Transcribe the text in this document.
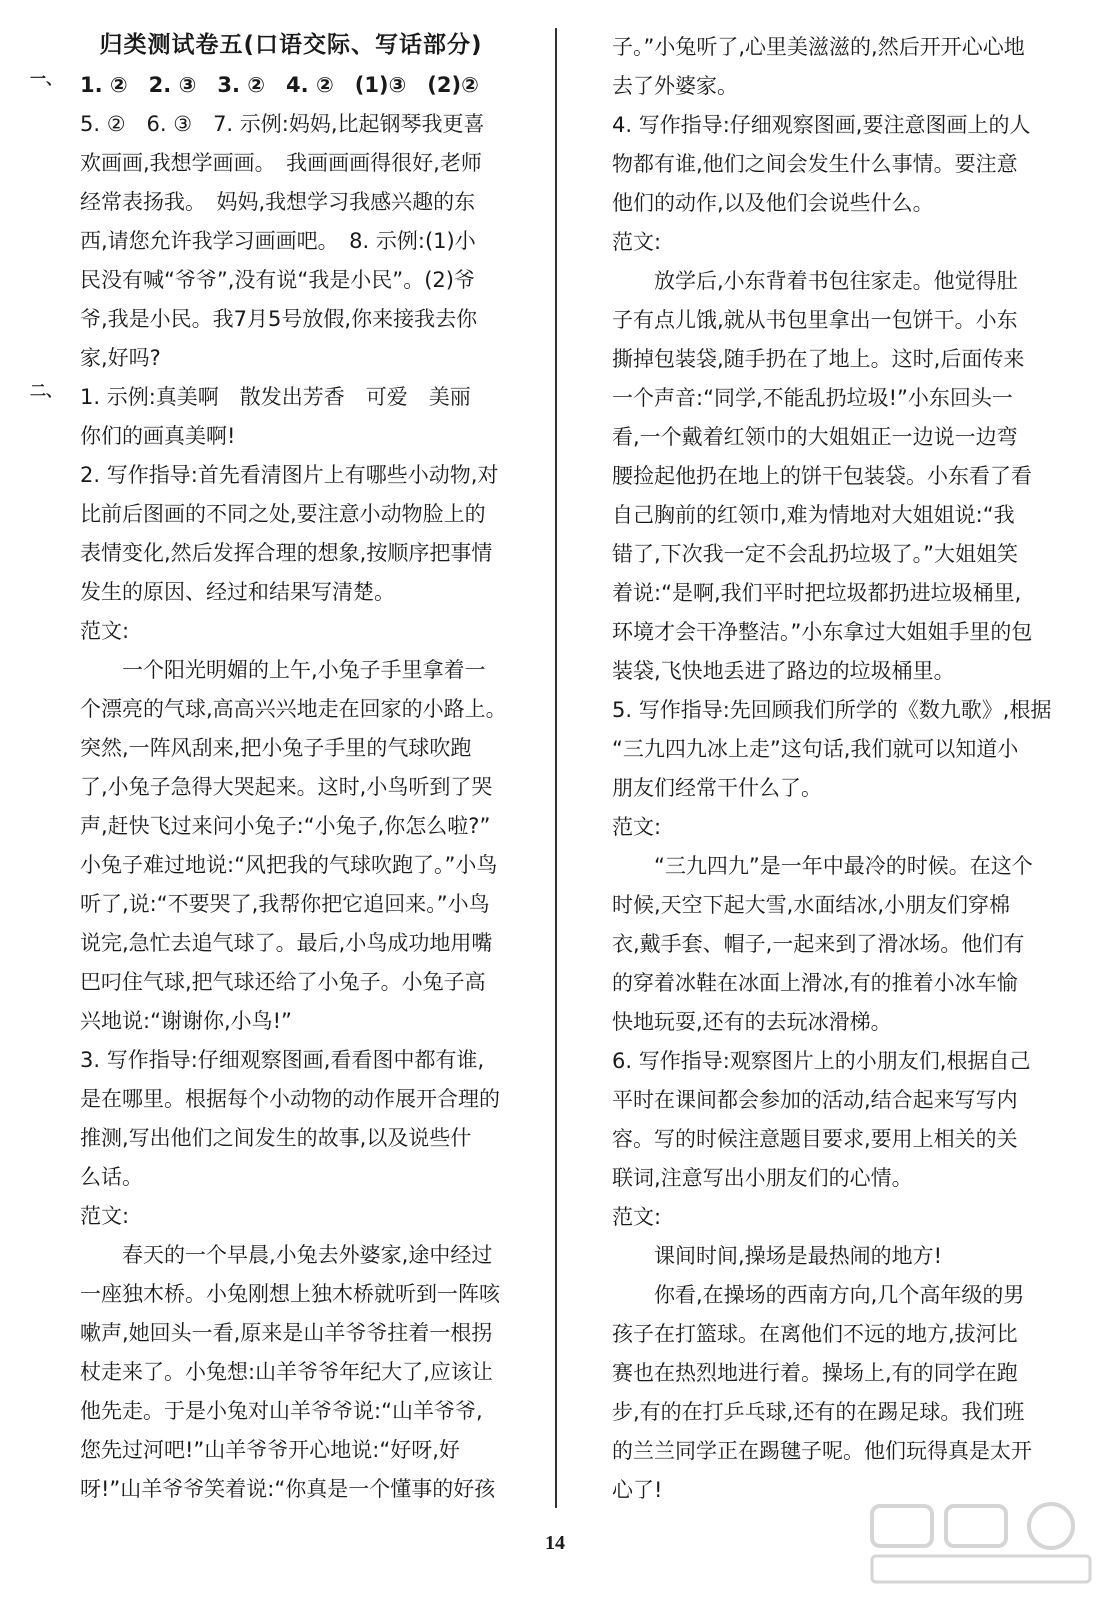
归类测试卷五(口语交际、写话部分)
一、 1. ②　2. ③　3. ②　4. ②　(1)③　(2)②

5. ②　6. ③　7. 示例:妈妈,比起钢琴我更喜

欢画画,我想学画画。　我画画画得很好,老师

经常表扬我。　妈妈,我想学习我感兴趣的东

西,请您允许我学习画画吧。　8. 示例:(1)小

民没有喊“爷爷”,没有说“我是小民”。(2)爷

爷,我是小民。我7月5号放假,你来接我去你

家,好吗?

二、 1. 示例:真美啊　散发出芳香　可爱　美丽

你们的画真美啊!

2. 写作指导:首先看清图片上有哪些小动物,对

比前后图画的不同之处,要注意小动物脸上的

表情变化,然后发挥合理的想象,按顺序把事情

发生的原因、经过和结果写清楚。

范文:

一个阳光明媚的上午,小兔子手里拿着一

个漂亮的气球,高高兴兴地走在回家的小路上。

突然,一阵风刮来,把小兔子手里的气球吹跑

了,小兔子急得大哭起来。这时,小鸟听到了哭

声,赶快飞过来问小兔子:“小兔子,你怎么啦?”

小兔子难过地说:“风把我的气球吹跑了。”小鸟

听了,说:“不要哭了,我帮你把它追回来。”小鸟

说完,急忙去追气球了。最后,小鸟成功地用嘴

巴叼住气球,把气球还给了小兔子。小兔子高

兴地说:“谢谢你,小鸟!”

3. 写作指导:仔细观察图画,看看图中都有谁,

是在哪里。根据每个小动物的动作展开合理的

推测,写出他们之间发生的故事,以及说些什

么话。

范文:

春天的一个早晨,小兔去外婆家,途中经过

一座独木桥。小兔刚想上独木桥就听到一阵咳

嗽声,她回头一看,原来是山羊爷爷拄着一根拐

杖走来了。小兔想:山羊爷爷年纪大了,应该让

他先走。于是小兔对山羊爷爷说:“山羊爷爷,

您先过河吧!”山羊爷爷开心地说:“好呀,好

呀!”山羊爷爷笑着说:“你真是一个懂事的好孩

子。”小兔听了,心里美滋滋的,然后开开心心地

去了外婆家。

4. 写作指导:仔细观察图画,要注意图画上的人

物都有谁,他们之间会发生什么事情。要注意

他们的动作,以及他们会说些什么。

范文:

放学后,小东背着书包往家走。他觉得肚

子有点儿饿,就从书包里拿出一包饼干。小东

撕掉包装袋,随手扔在了地上。这时,后面传来

一个声音:“同学,不能乱扔垃圾!”小东回头一

看,一个戴着红领巾的大姐姐正一边说一边弯

腰捡起他扔在地上的饼干包装袋。小东看了看

自己胸前的红领巾,难为情地对大姐姐说:“我

错了,下次我一定不会乱扔垃圾了。”大姐姐笑

着说:“是啊,我们平时把垃圾都扔进垃圾桶里,

环境才会干净整洁。”小东拿过大姐姐手里的包

装袋,飞快地丢进了路边的垃圾桶里。

5. 写作指导:先回顾我们所学的《数九歌》,根据

“三九四九冰上走”这句话,我们就可以知道小

朋友们经常干什么了。

范文:

“三九四九”是一年中最冷的时候。在这个

时候,天空下起大雪,水面结冰,小朋友们穿棉

衣,戴手套、帽子,一起来到了滑冰场。他们有

的穿着冰鞋在冰面上滑冰,有的推着小冰车愉

快地玩耍,还有的去玩冰滑梯。

6. 写作指导:观察图片上的小朋友们,根据自己

平时在课间都会参加的活动,结合起来写写内

容。写的时候注意题目要求,要用上相关的关

联词,注意写出小朋友们的心情。

范文:

课间时间,操场是最热闹的地方!

你看,在操场的西南方向,几个高年级的男

孩子在打篮球。在离他们不远的地方,拔河比

赛也在热烈地进行着。操场上,有的同学在跑

步,有的在打乒乓球,还有的在踢足球。我们班

的兰兰同学正在踢毽子呢。他们玩得真是太开

心了!

14
